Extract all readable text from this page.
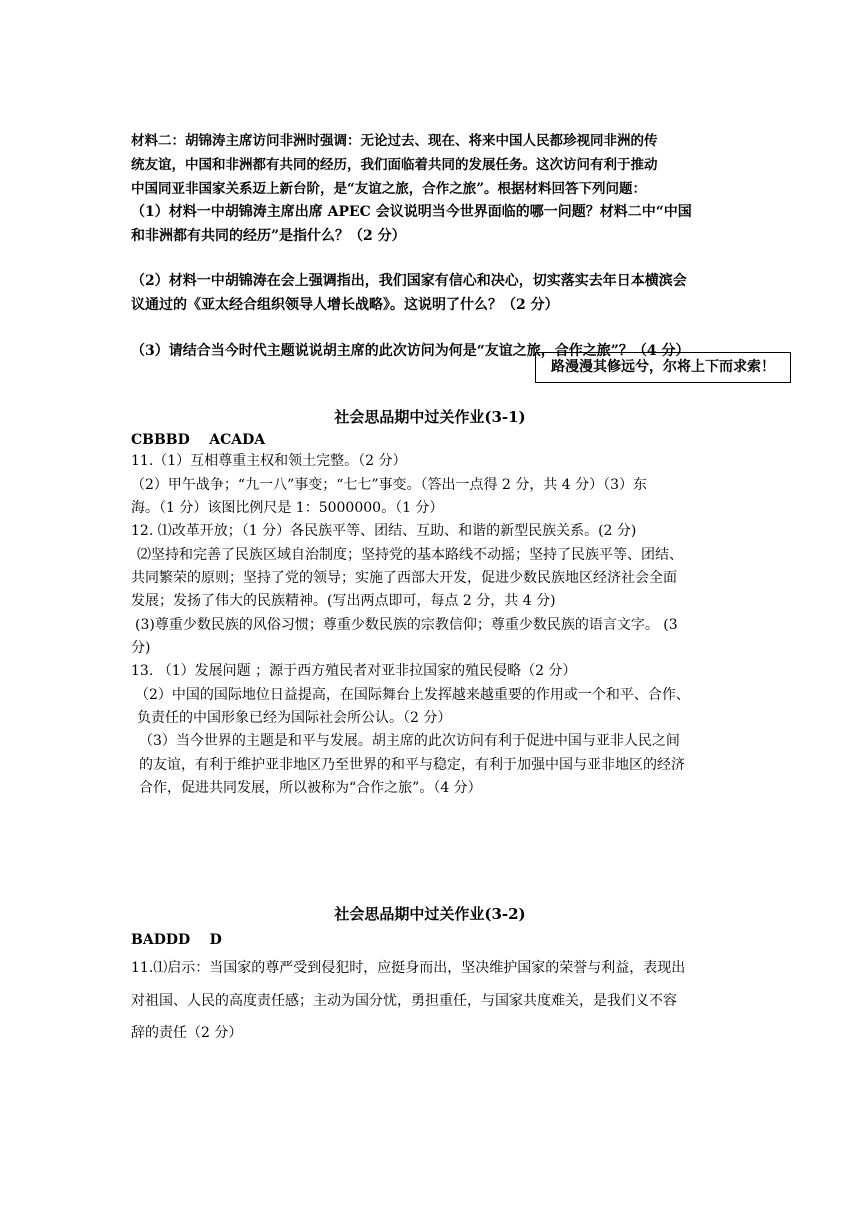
材料二：胡锦涛主席访问非洲时强调：无论过去、现在、将来中国人民都珍视同非洲的传
统友谊，中国和非洲都有共同的经历，我们面临着共同的发展任务。这次访问有利于推动
中国同亚非国家关系迈上新台阶，是“友谊之旅，合作之旅”。根据材料回答下列问题：
（1）材料一中胡锦涛主席出席 APEC 会议说明当今世界面临的哪一问题？材料二中“中国
和非洲都有共同的经历”是指什么？（2 分）
（2）材料一中胡锦涛在会上强调指出，我们国家有信心和决心，切实落实去年日本横滨会
议通过的《亚太经合组织领导人增长战略》。这说明了什么？（2 分）
（3）请结合当今时代主题说说胡主席的此次访问为何是“友谊之旅，合作之旅”？（4 分）
路漫漫其修远兮，尔将上下而求索！
社会思品期中过关作业(3-1)
CBBBD    ACADA
11.（1）互相尊重主权和领土完整。（2 分）
（2）甲午战争；“九一八”事变；“七七”事变。（答出一点得 2 分，共 4 分）（3）东
海。（1 分）该图比例尺是 1：5000000。（1 分）
12. ⑴改革开放；（1 分）各民族平等、团结、互助、和谐的新型民族关系。(2 分)
⑵坚持和完善了民族区域自治制度；坚持党的基本路线不动摇；坚持了民族平等、团结、
共同繁荣的原则；坚持了党的领导；实施了西部大开发，促进少数民族地区经济社会全面
发展；发扬了伟大的民族精神。(写出两点即可，每点 2 分，共 4 分)
(3)尊重少数民族的风俗习惯；尊重少数民族的宗教信仰；尊重少数民族的语言文字。 (3
分)
13. （1）发展问题 ；源于西方殖民者对亚非拉国家的殖民侵略（2 分）
（2）中国的国际地位日益提高，在国际舞台上发挥越来越重要的作用或一个和平、合作、
负责任的中国形象已经为国际社会所公认。（2 分）
（3）当今世界的主题是和平与发展。胡主席的此次访问有利于促进中国与亚非人民之间
的友谊，有利于维护亚非地区乃至世界的和平与稳定，有利于加强中国与亚非地区的经济
合作，促进共同发展，所以被称为“合作之旅”。（4 分）
社会思品期中过关作业(3-2)
BADDD    D
11.⑴启示：当国家的尊严受到侵犯时，应挺身而出，坚决维护国家的荣誉与利益，表现出
对祖国、人民的高度责任感；主动为国分忧，勇担重任，与国家共度难关，是我们义不容
辞的责任（2 分）
